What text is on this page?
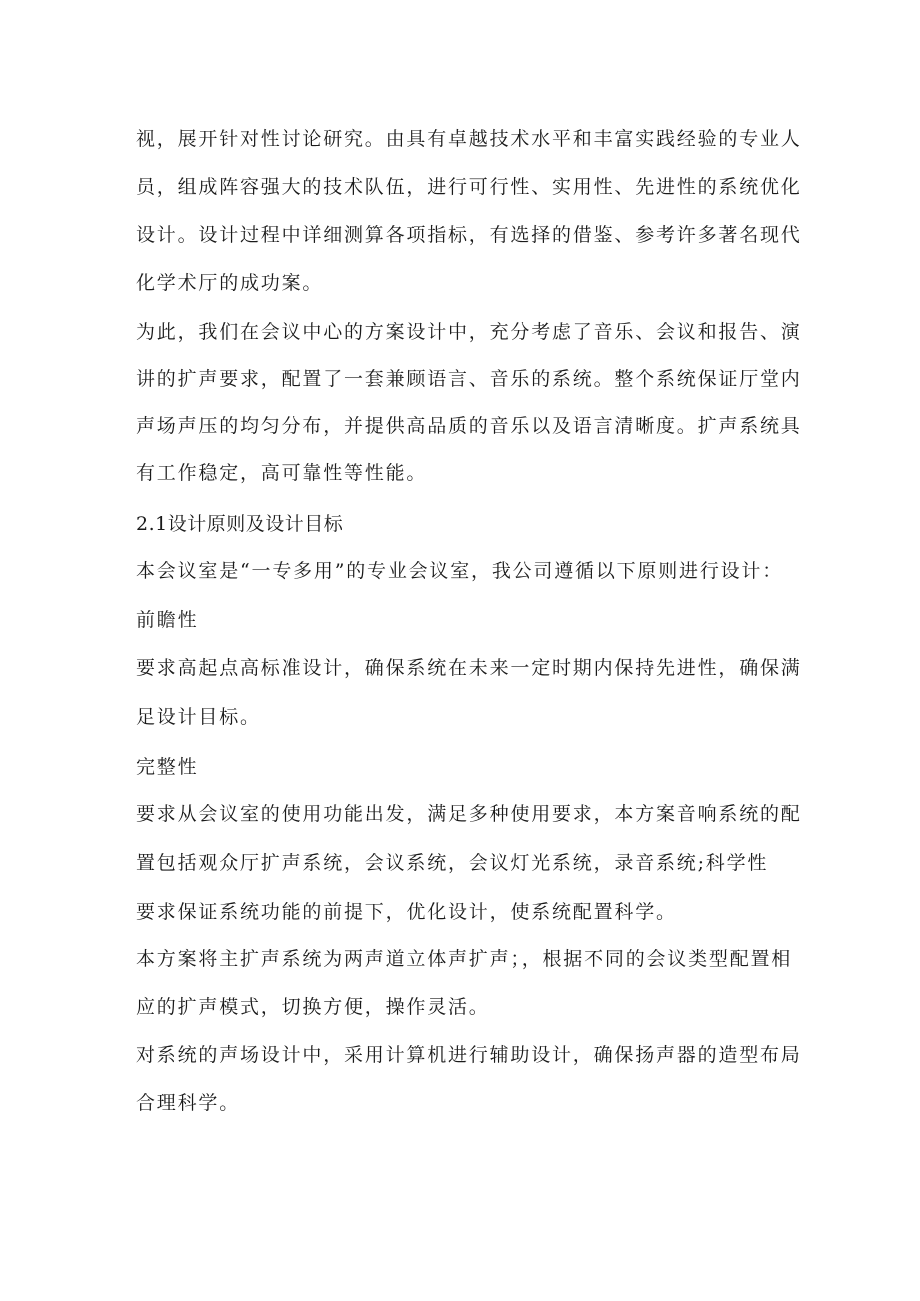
视，展开针对性讨论研究。由具有卓越技术水平和丰富实践经验的专业人
员，组成阵容强大的技术队伍，进行可行性、实用性、先进性的系统优化
设计。设计过程中详细测算各项指标，有选择的借鉴、参考许多著名现代
化学术厅的成功案。
为此，我们在会议中心的方案设计中，充分考虑了音乐、会议和报告、演
讲的扩声要求，配置了一套兼顾语言、音乐的系统。整个系统保证厅堂内
声场声压的均匀分布，并提供高品质的音乐以及语言清晰度。扩声系统具
有工作稳定，高可靠性等性能。
2.1设计原则及设计目标
本会议室是“一专多用”的专业会议室，我公司遵循以下原则进行设计：
前瞻性
要求高起点高标准设计，确保系统在未来一定时期内保持先进性，确保满
足设计目标。
完整性
要求从会议室的使用功能出发，满足多种使用要求，本方案音响系统的配
置包括观众厅扩声系统，会议系统，会议灯光系统，录音系统;科学性
要求保证系统功能的前提下，优化设计，使系统配置科学。
本方案将主扩声系统为两声道立体声扩声；，根据不同的会议类型配置相
应的扩声模式，切换方便，操作灵活。
对系统的声场设计中，采用计算机进行辅助设计，确保扬声器的造型布局
合理科学。
